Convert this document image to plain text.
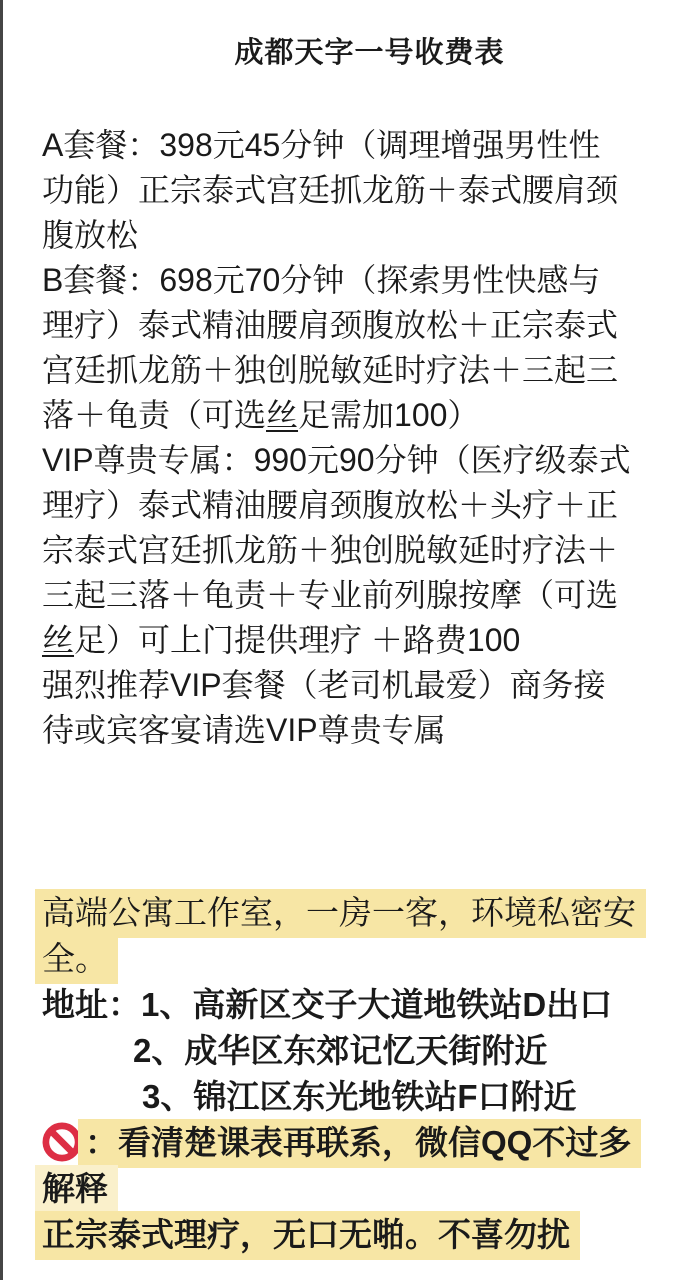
成都天字一号收费表
A套餐：398元45分钟（调理增强男性性
功能）正宗泰式宫廷抓龙筋＋泰式腰肩颈
腹放松
B套餐：698元70分钟（探索男性快感与
理疗）泰式精油腰肩颈腹放松＋正宗泰式
宫廷抓龙筋＋独创脱敏延时疗法＋三起三
落＋龟责（可选丝足需加100）
VIP尊贵专属：990元90分钟（医疗级泰式
理疗）泰式精油腰肩颈腹放松＋头疗＋正
宗泰式宫廷抓龙筋＋独创脱敏延时疗法＋
三起三落＋龟责＋专业前列腺按摩（可选
丝足）可上门提供理疗 ＋路费100
强烈推荐VIP套餐（老司机最爱）商务接
待或宾客宴请选VIP尊贵专属
高端公寓工作室，一房一客，环境私密安
全。
地址：1、高新区交子大道地铁站D出口
2、成华区东郊记忆天街附近
3、锦江区东光地铁站F口附近
：看清楚课表再联系，微信QQ不过多
解释
正宗泰式理疗，无口无啪。不喜勿扰
